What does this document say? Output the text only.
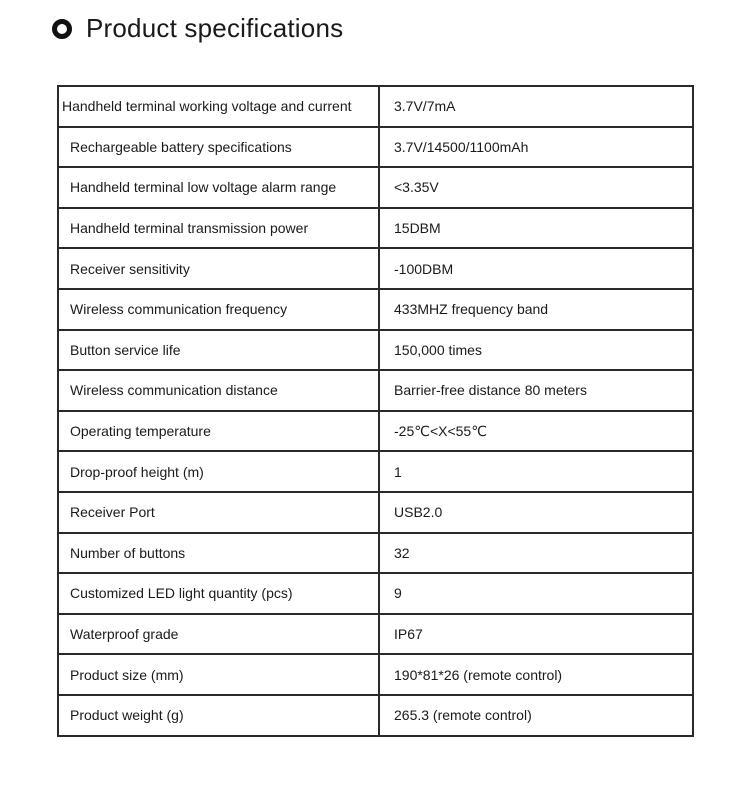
Product specifications
Handheld terminal working voltage and current	3.7V/7mA
Rechargeable battery specifications	3.7V/14500/1100mAh
Handheld terminal low voltage alarm range	<3.35V
Handheld terminal transmission power	15DBM
Receiver sensitivity	-100DBM
Wireless communication frequency	433MHZ frequency band
Button service life	150,000 times
Wireless communication distance	Barrier-free distance 80 meters
Operating temperature	-25℃<X<55℃
Drop-proof height (m)	1
Receiver Port	USB2.0
Number of buttons	32
Customized LED light quantity (pcs)	9
Waterproof grade	IP67
Product size (mm)	190*81*26 (remote control)
Product weight (g)	265.3 (remote control)
